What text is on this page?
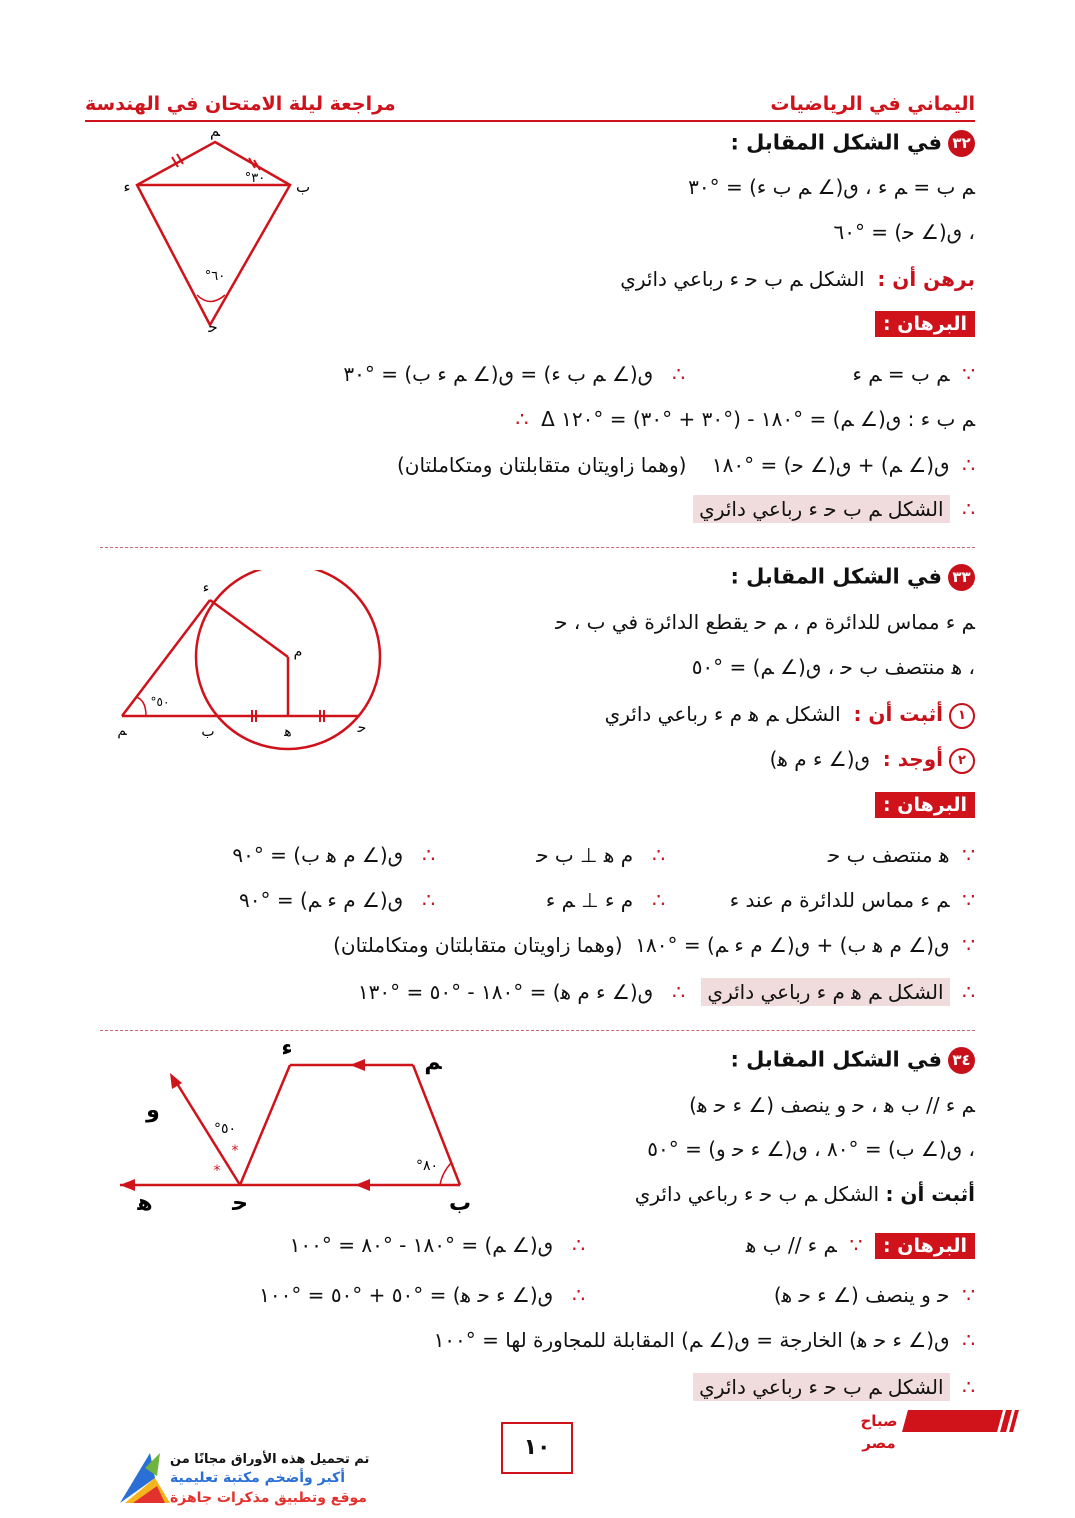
اليماني في الرياضيات
مراجعة ليلة الامتحان في الهندسة
٣٢في الشكل المقابل :
ﻢ ب = ﻢ ء ، ٯ(∠ ﻢ ب ء) = °٣٠
، ٯ(∠ ﺣ) = °٦٠
برهن أن :  الشكل ﻢ ب ﺣ ء رباعي دائري
البرهان :
∵  ﻢ ب = ﻢ ء
∴   ٯ(∠ ﻢ ب ء) = ٯ(∠ ﻢ ء ب) = °٣٠
∴ Δ ﻢ ب ء : ٯ(∠ ﻢ) = °١٨٠ - (°٣٠ + °٣٠) = °١٢٠
∴  ٯ(∠ ﻢ) + ٯ(∠ ﺣ) = °١٨٠    (وهما زاويتان متقابلتان ومتكاملتان)
∴  الشكل ﻢ ب ﺣ ء رباعي دائري
ﻢ
ب
ء
ﺣ
°٣٠
°٦٠
٣٣في الشكل المقابل :
ﻢ ء مماس للدائرة م ، ﻢ ﺣ يقطع الدائرة في ب ، ﺣ
، ﻫ منتصف ب ﺣ ، ٯ(∠ ﻢ) = °٥٠
١أثبت أن :  الشكل ﻢ ﻫ م ء رباعي دائري
٢أوجد :  ٯ(∠ ء م ﻫ)
البرهان :
∵  ﻫ منتصف ب ﺣ
∴   م ﻫ ⊥ ب ﺣ
∴   ٯ(∠ م ﻫ ب) = °٩٠
∵  ﻢ ء مماس للدائرة م عند ء
∴   م ء ⊥ ﻢ ء
∴   ٯ(∠ م ء ﻢ) = °٩٠
∵  ٯ(∠ م ﻫ ب) + ٯ(∠ م ء ﻢ) = °١٨٠  (وهما زاويتان متقابلتان ومتكاملتان)
∴  الشكل ﻢ ﻫ م ء رباعي دائري
∴   ٯ(∠ ء م ﻫ) = °١٨٠ - °٥٠ = °١٣٠
ﻢ	ب	ﻫ	ﺣ
ء
م
°٥٠
٣٤في الشكل المقابل :
ﻢ ء // ب ﻫ ، ﺣ و ينصف (∠ ء ﺣ ﻫ)
، ٯ(∠ ب) = °٨٠ ، ٯ(∠ ء ﺣ و) = °٥٠
أثبت أن : الشكل ﻢ ب ﺣ ء رباعي دائري
البرهان :  ∵  ﻢ ء // ب ﻫ
∴   ٯ(∠ ﻢ) = °١٨٠ - °٨٠ = °١٠٠
∵  ﺣ و ينصف (∠ ء ﺣ ﻫ)
∴   ٯ(∠ ء ﺣ ﻫ) = °٥٠ + °٥٠ = °١٠٠
∴  ٯ(∠ ء ﺣ ﻫ) الخارجة = ٯ(∠ ﻢ) المقابلة للمجاورة لها = °١٠٠
∴  الشكل ﻢ ب ﺣ ء رباعي دائري
*
*
ﻢ
ء
ب
ﺣ
ﻫ
و
°٨٠
°٥٠
صباح مصر
١٠
تم تحميل هذه الأوراق مجانًا من
أكبر وأضخم مكتبة تعليمية
موقع وتطبيق مذكرات جاهزة
